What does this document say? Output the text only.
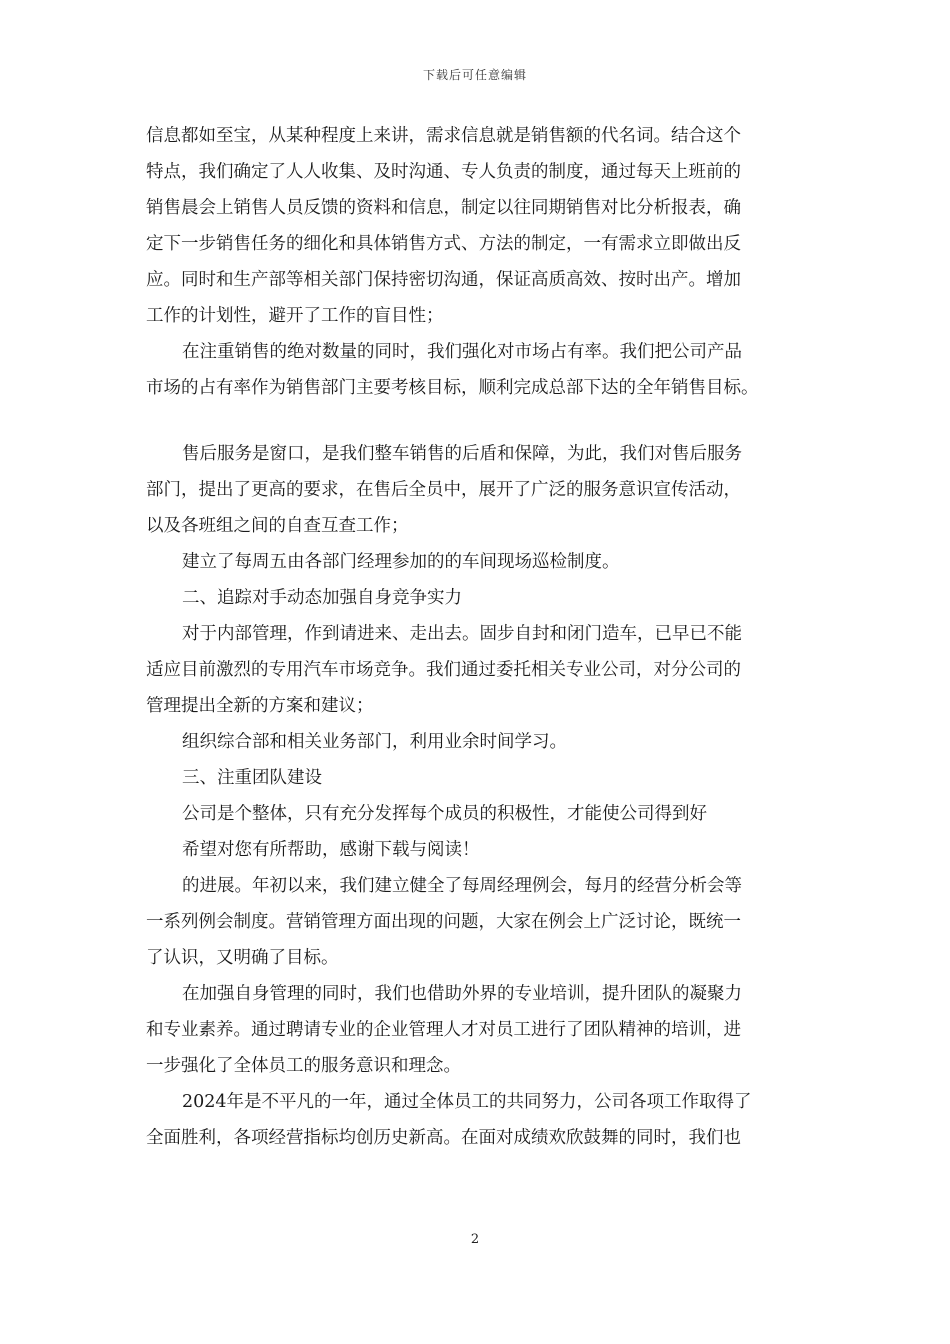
下载后可任意编辑
信息都如至宝，从某种程度上来讲，需求信息就是销售额的代名词。结合这个
特点，我们确定了人人收集、及时沟通、专人负责的制度，通过每天上班前的
销售晨会上销售人员反馈的资料和信息，制定以往同期销售对比分析报表，确
定下一步销售任务的细化和具体销售方式、方法的制定，一有需求立即做出反
应。同时和生产部等相关部门保持密切沟通，保证高质高效、按时出产。增加
工作的计划性，避开了工作的盲目性；
在注重销售的绝对数量的同时，我们强化对市场占有率。我们把公司产品
市场的占有率作为销售部门主要考核目标，顺利完成总部下达的全年销售目标。
售后服务是窗口，是我们整车销售的后盾和保障，为此，我们对售后服务
部门，提出了更高的要求，在售后全员中，展开了广泛的服务意识宣传活动，
以及各班组之间的自查互查工作；
建立了每周五由各部门经理参加的的车间现场巡检制度。
二、追踪对手动态加强自身竞争实力
对于内部管理，作到请进来、走出去。固步自封和闭门造车，已早已不能
适应目前激烈的专用汽车市场竞争。我们通过委托相关专业公司，对分公司的
管理提出全新的方案和建议；
组织综合部和相关业务部门，利用业余时间学习。
三、注重团队建设
公司是个整体，只有充分发挥每个成员的积极性，才能使公司得到好
希望对您有所帮助，感谢下载与阅读！
的进展。年初以来，我们建立健全了每周经理例会，每月的经营分析会等
一系列例会制度。营销管理方面出现的问题，大家在例会上广泛讨论，既统一
了认识，又明确了目标。
在加强自身管理的同时，我们也借助外界的专业培训，提升团队的凝聚力
和专业素养。通过聘请专业的企业管理人才对员工进行了团队精神的培训，进
一步强化了全体员工的服务意识和理念。
2024年是不平凡的一年，通过全体员工的共同努力，公司各项工作取得了
全面胜利，各项经营指标均创历史新高。在面对成绩欢欣鼓舞的同时，我们也
2
